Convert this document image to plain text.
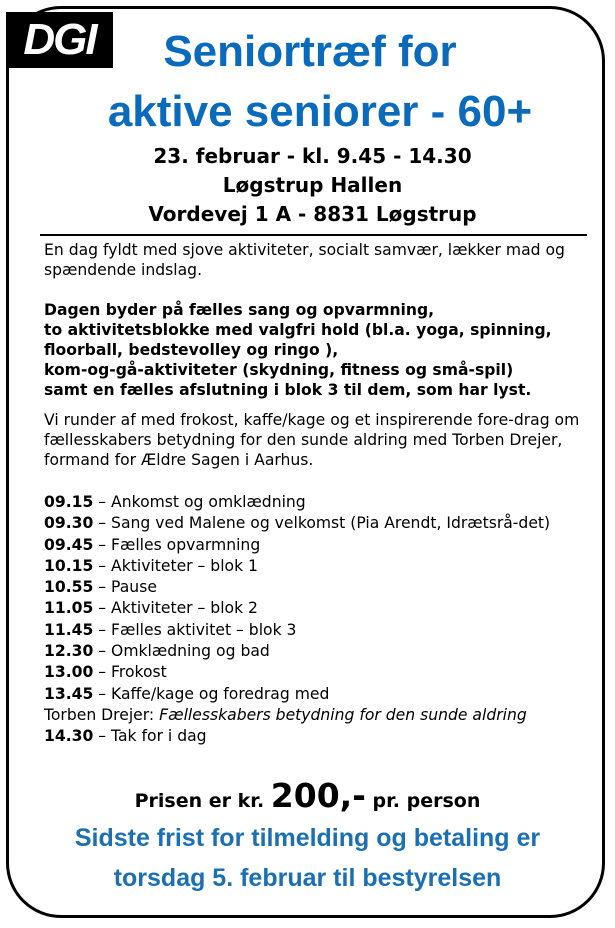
DGI	Seniortræf for
aktive seniorer - 60+
23. februar - kl. 9.45 - 14.30
Løgstrup Hallen
Vordevej 1 A - 8831 Løgstrup

En dag fyldt med sjove aktiviteter, socialt samvær, lækker mad og spændende indslag.

Dagen byder på fælles sang og opvarmning,

to aktivitetsblokke med valgfri hold (bl.a. yoga, spinning,

floorball, bedstevolley og ringo ),

kom-og-gå-aktiviteter (skydning, fitness og små-spil)

samt en fælles afslutning i blok 3 til dem, som har lyst.

Vi runder af med frokost, kaffe/kage og et inspirerende fore-drag om fællesskabers betydning for den sunde aldring med Torben Drejer, formand for Ældre Sagen i Aarhus.

09.15 – Ankomst og omklædning

09.30 – Sang ved Malene og velkomst (Pia Arendt, Idrætsrå-det)

09.45 – Fælles opvarmning

10.15 – Aktiviteter – blok 1

10.55 – Pause

11.05 – Aktiviteter – blok 2

11.45 – Fælles aktivitet – blok 3

12.30 – Omklædning og bad

13.00 – Frokost

13.45 – Kaffe/kage og foredrag med

Torben Drejer: Fællesskabers betydning for den sunde aldring

14.30 – Tak for i dag

Prisen er kr. 200,- pr. person
Sidste frist for tilmelding og betaling er
torsdag 5. februar til bestyrelsen
